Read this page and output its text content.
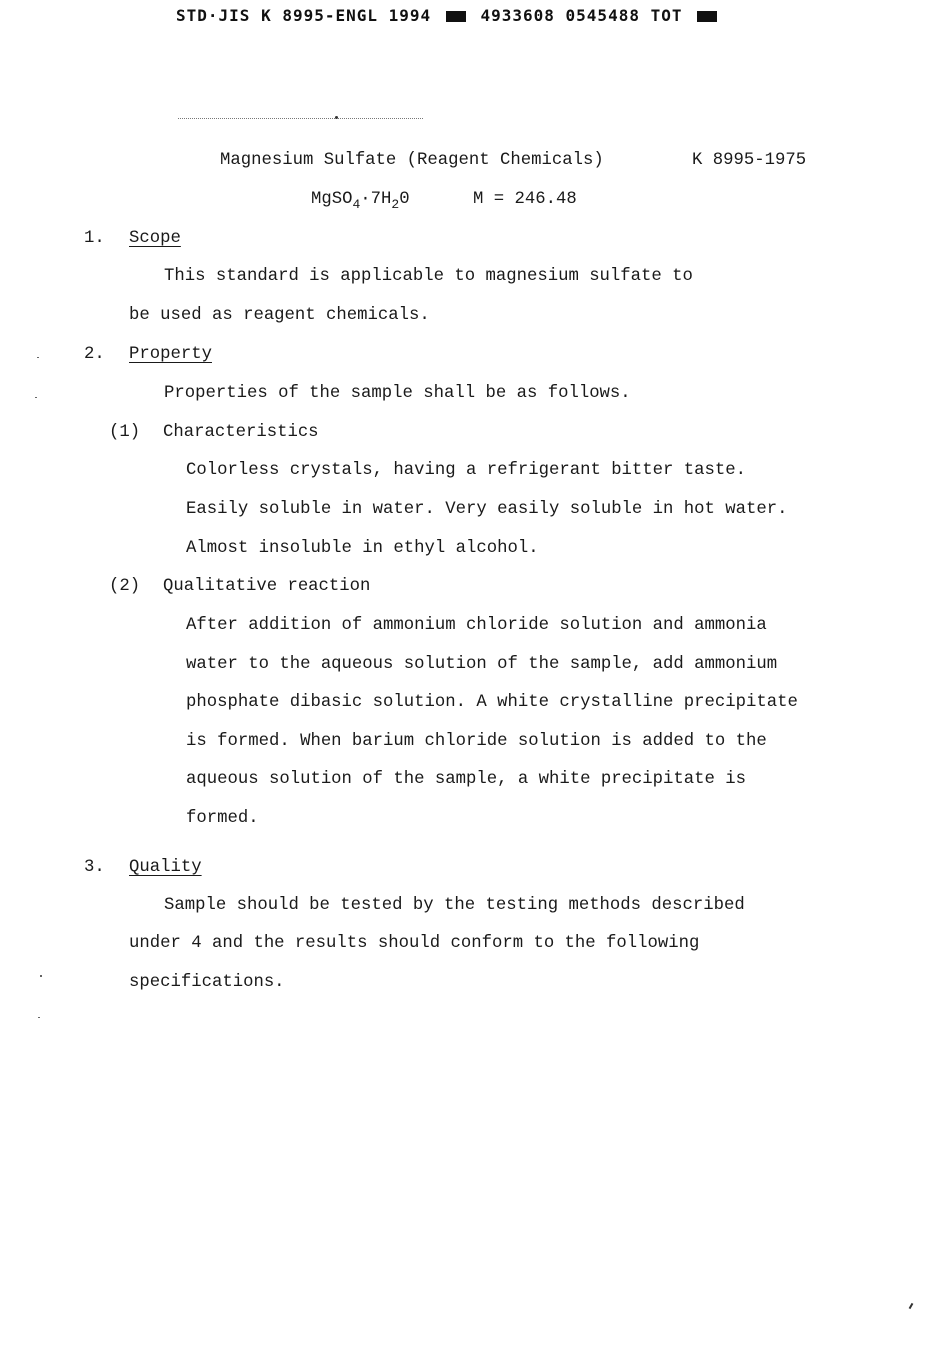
STD·JIS K 8995-ENGL 1994	4933608 0545488 TOT
Magnesium Sulfate (Reagent Chemicals)	K 8995-1975
$MgSO_4\cdot 7H_20$	M = 246.48
1. Scope
This standard is applicable to magnesium sulfate to
be used as reagent chemicals.
2. Property
Properties of the sample shall be as follows.
(1) Characteristics
Colorless crystals, having a refrigerant bitter taste.
Easily soluble in water. Very easily soluble in hot water.
Almost insoluble in ethyl alcohol.
(2) Qualitative reaction
After addition of ammonium chloride solution and ammonia
water to the aqueous solution of the sample, add ammonium
phosphate dibasic solution. A white crystalline precipitate
is formed. When barium chloride solution is added to the
aqueous solution of the sample, a white precipitate is
formed.
3. Quality
Sample should be tested by the testing methods described
under 4 and the results should conform to the following
specifications.
